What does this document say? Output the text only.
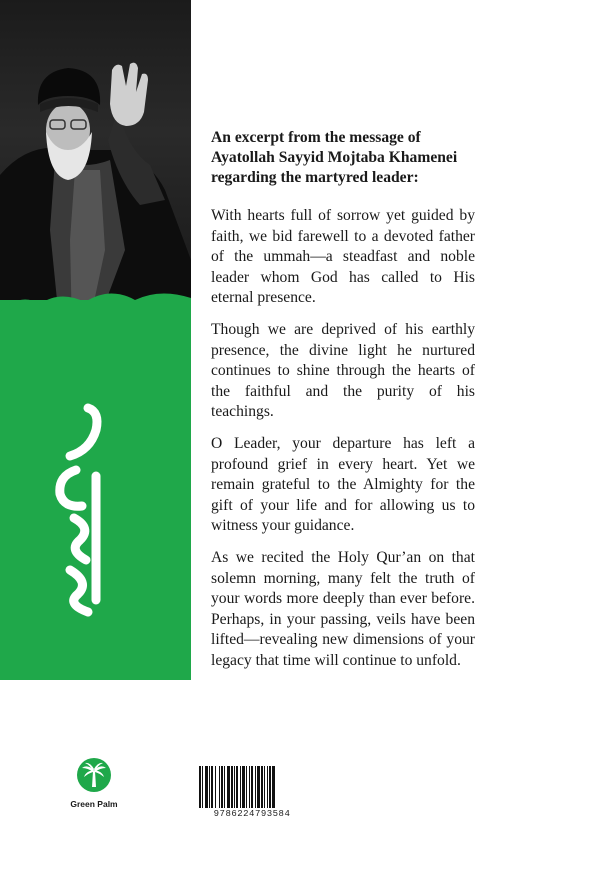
An excerpt from the message of Ayatollah Sayyid Mojtaba Khamenei regarding the martyred leader:

With hearts full of sorrow yet guided by faith, we bid farewell to a devoted father of the ummah—a steadfast and noble leader whom God has called to His eternal presence.

Though we are deprived of his earthly presence, the divine light he nurtured continues to shine through the hearts of the faithful and the purity of his teachings.

O Leader, your departure has left a profound grief in every heart. Yet we remain grateful to the Almighty for the gift of your life and for allowing us to witness your guidance.

As we recited the Holy Qur’an on that solemn morning, many felt the truth of your words more deeply than ever before. Perhaps, in your passing, veils have been lifted—revealing new dimensions of your legacy that time will continue to unfold.

Green Palm
9786224793584
